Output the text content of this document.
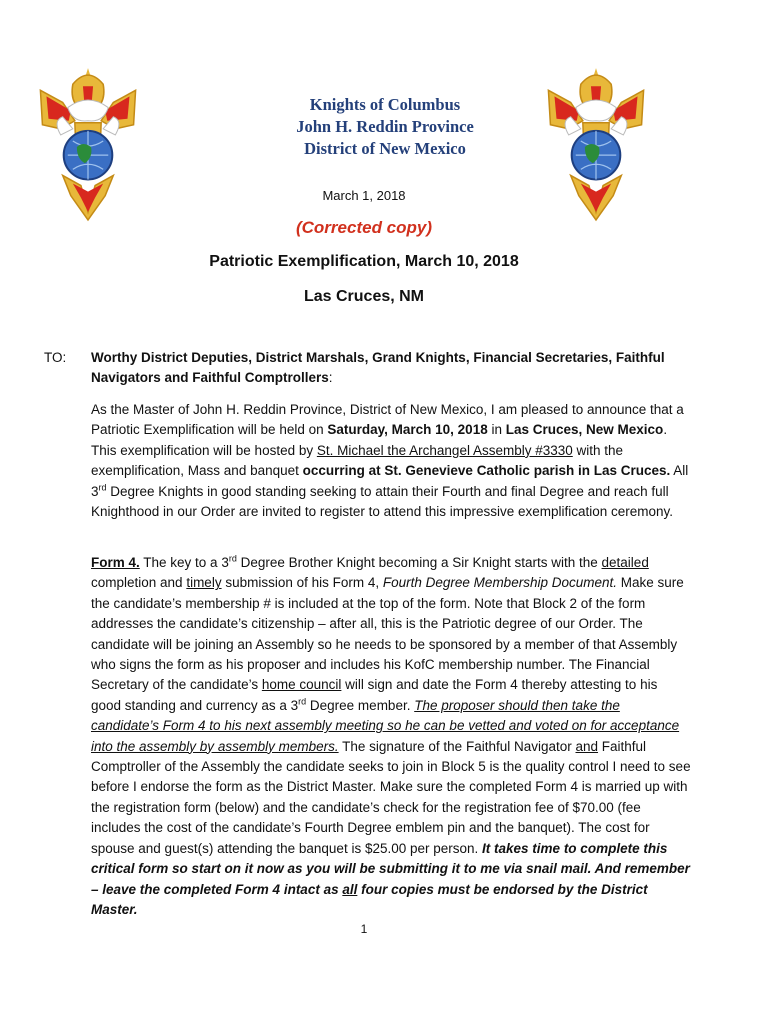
Knights of Columbus
John H. Reddin Province
District of New Mexico
March 1, 2018
(Corrected copy)
Patriotic Exemplification, March 10, 2018
Las Cruces, NM
TO: Worthy District Deputies, District Marshals, Grand Knights, Financial Secretaries, Faithful Navigators and Faithful Comptrollers:
As the Master of John H. Reddin Province, District of New Mexico, I am pleased to announce that a Patriotic Exemplification will be held on Saturday, March 10, 2018 in Las Cruces, New Mexico. This exemplification will be hosted by St. Michael the Archangel Assembly #3330 with the exemplification, Mass and banquet occurring at St. Genevieve Catholic parish in Las Cruces. All 3rd Degree Knights in good standing seeking to attain their Fourth and final Degree and reach full Knighthood in our Order are invited to register to attend this impressive exemplification ceremony.
Form 4. The key to a 3rd Degree Brother Knight becoming a Sir Knight starts with the detailed completion and timely submission of his Form 4, Fourth Degree Membership Document. Make sure the candidate’s membership # is included at the top of the form. Note that Block 2 of the form addresses the candidate’s citizenship – after all, this is the Patriotic degree of our Order. The candidate will be joining an Assembly so he needs to be sponsored by a member of that Assembly who signs the form as his proposer and includes his KofC membership number. The Financial Secretary of the candidate’s home council will sign and date the Form 4 thereby attesting to his good standing and currency as a 3rd Degree member. The proposer should then take the candidate’s Form 4 to his next assembly meeting so he can be vetted and voted on for acceptance into the assembly by assembly members. The signature of the Faithful Navigator and Faithful Comptroller of the Assembly the candidate seeks to join in Block 5 is the quality control I need to see before I endorse the form as the District Master. Make sure the completed Form 4 is married up with the registration form (below) and the candidate’s check for the registration fee of $70.00 (fee includes the cost of the candidate’s Fourth Degree emblem pin and the banquet). The cost for spouse and guest(s) attending the banquet is $25.00 per person. It takes time to complete this critical form so start on it now as you will be submitting it to me via snail mail. And remember – leave the completed Form 4 intact as all four copies must be endorsed by the District Master.
1
